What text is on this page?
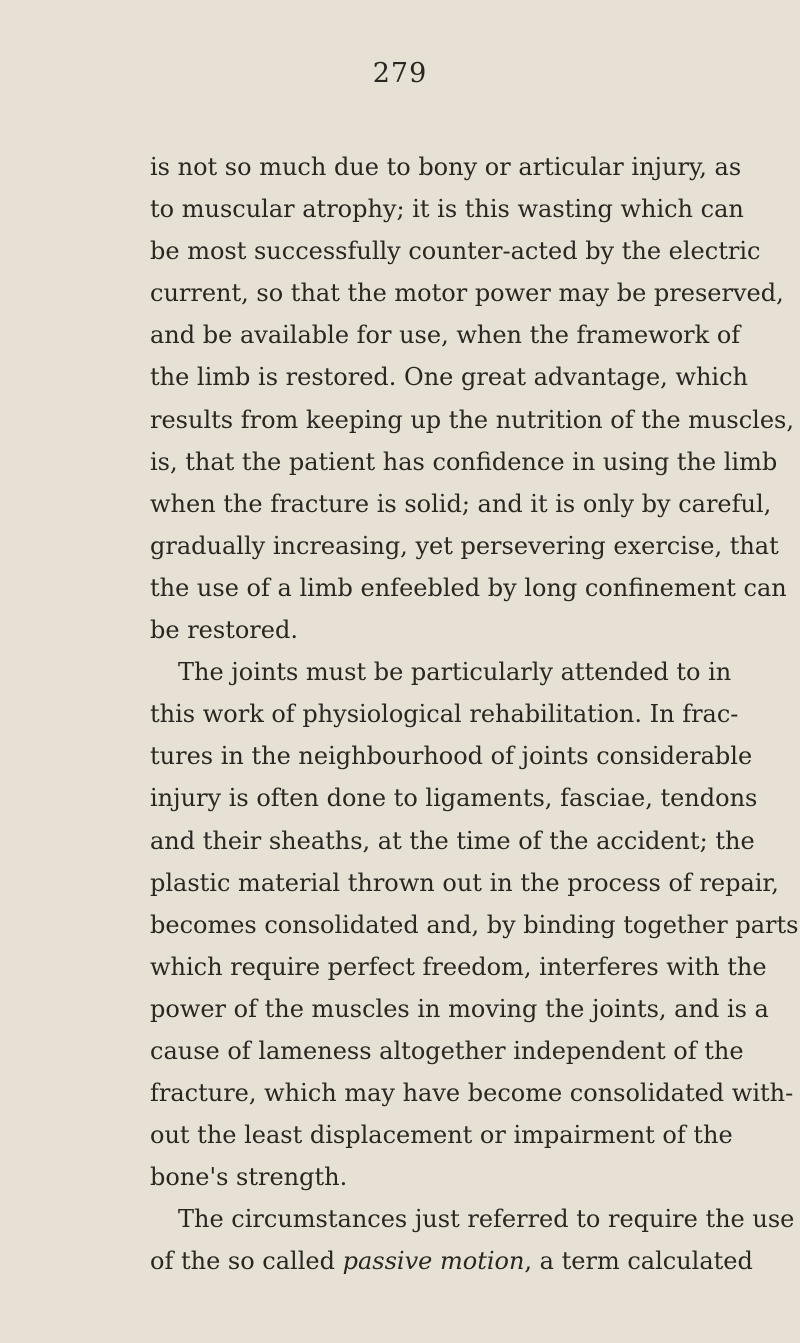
279
is not so much due to bony or articular injury, as
to muscular atrophy; it is this wasting which can
be most successfully counter-acted by the electric
current, so that the motor power may be preserved,
and be available for use, when the framework of
the limb is restored. One great advantage, which
results from keeping up the nutrition of the muscles,
is, that the patient has confidence in using the limb
when the fracture is solid; and it is only by careful,
gradually increasing, yet persevering exercise, that
the use of a limb enfeebled by long confinement can
be restored.
The joints must be particularly attended to in
this work of physiological rehabilitation. In frac-
tures in the neighbourhood of joints considerable
injury is often done to ligaments, fasciae, tendons
and their sheaths, at the time of the accident; the
plastic material thrown out in the process of repair,
becomes consolidated and, by binding together parts
which require perfect freedom, interferes with the
power of the muscles in moving the joints, and is a
cause of lameness altogether independent of the
fracture, which may have become consolidated with-
out the least displacement or impairment of the
bone's strength.
The circumstances just referred to require the use
of the so called passive motion, a term calculated
